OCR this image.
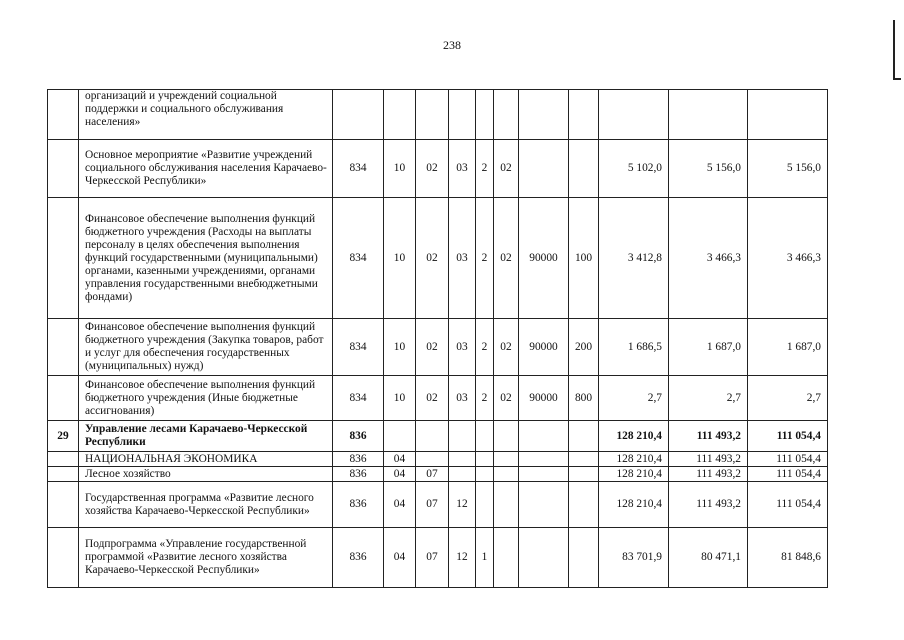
238
	организаций и учреждений социальной поддержки и социального обслуживания населения»											
	Основное мероприятие «Развитие учреждений социального обслуживания населения Карачаево-Черкесской Республики»	834	10	02	03	2	02			5 102,0	5 156,0	5 156,0
	Финансовое обеспечение выполнения функций бюджетного учреждения (Расходы на выплаты персоналу в целях обеспечения выполнения функций государственными (муниципальными) органами, казенными учреждениями, органами управления государственными внебюджетными фондами)	834	10	02	03	2	02	90000	100	3 412,8	3 466,3	3 466,3
	Финансовое обеспечение выполнения функций бюджетного учреждения (Закупка товаров, работ и услуг для обеспечения государственных (муниципальных) нужд)	834	10	02	03	2	02	90000	200	1 686,5	1 687,0	1 687,0
	Финансовое обеспечение выполнения функций бюджетного учреждения (Иные бюджетные ассигнования)	834	10	02	03	2	02	90000	800	2,7	2,7	2,7
29	Управление лесами Карачаево-Черкесской Республики	836								128 210,4	111 493,2	111 054,4
	НАЦИОНАЛЬНАЯ ЭКОНОМИКА	836	04							128 210,4	111 493,2	111 054,4
	Лесное хозяйство	836	04	07						128 210,4	111 493,2	111 054,4
	Государственная программа «Развитие лесного хозяйства Карачаево-Черкесской Республики»	836	04	07	12					128 210,4	111 493,2	111 054,4
	Подпрограмма «Управление государственной программой «Развитие лесного хозяйства Карачаево-Черкесской Республики»	836	04	07	12	1				83 701,9	80 471,1	81 848,6
